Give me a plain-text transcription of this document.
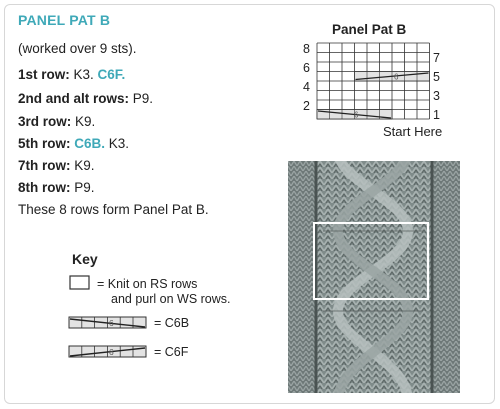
PANEL PAT B
(worked over 9 sts).
1st row: K3. C6F.
2nd and alt rows: P9.
3rd row: K9.
5th row: C6B. K3.
7th row: K9.
8th row: P9.
These 8 rows form Panel Pat B.
Key
= Knit on RS rows
and purl on WS rows.
6	= C6B
6	= C6F
Panel Pat B
6
6
8
6
4
2
7
5
3
1
Start Here
